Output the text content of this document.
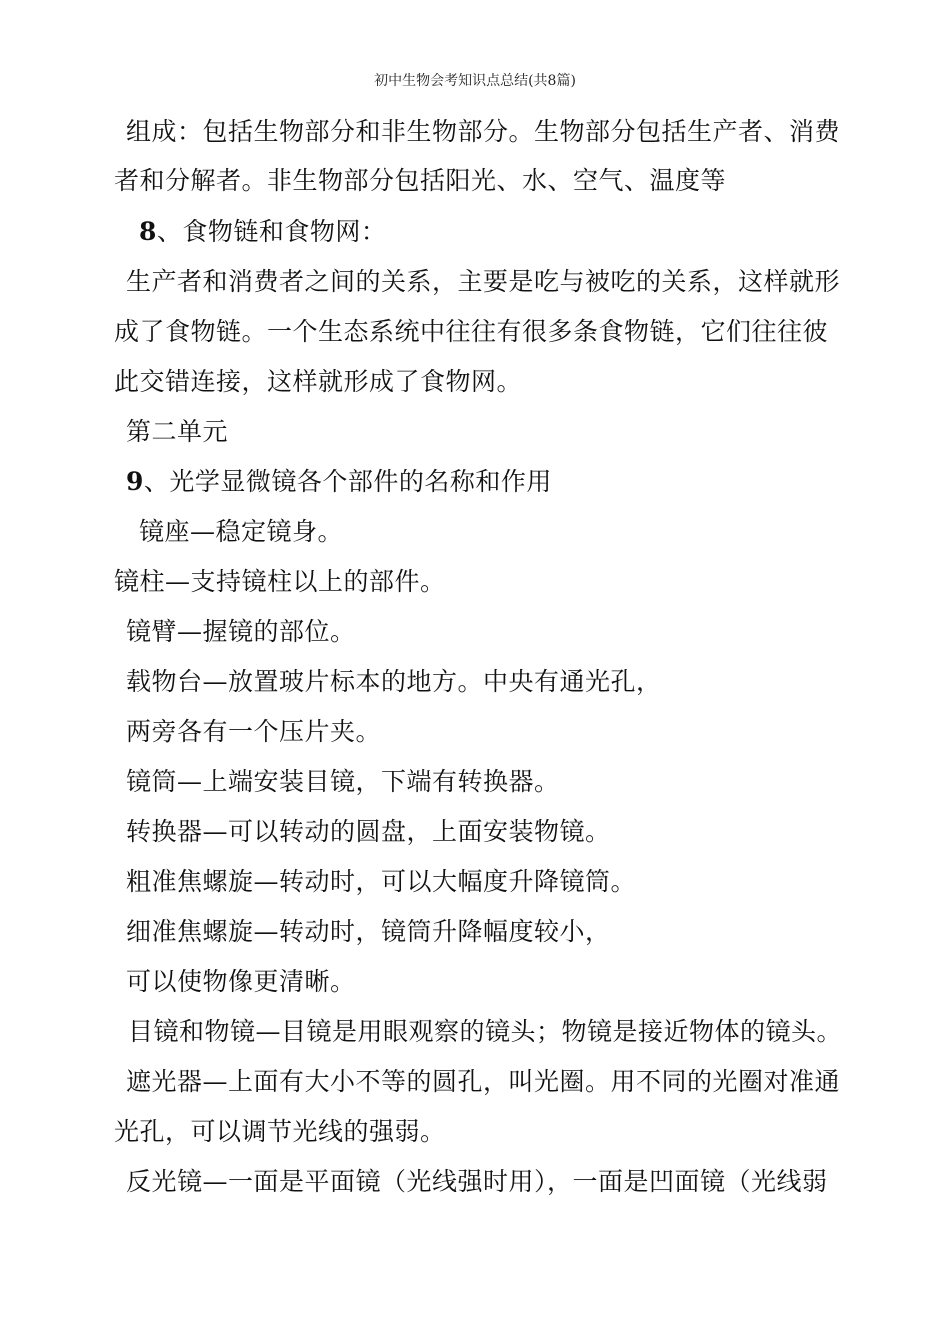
初中生物会考知识点总结(共8篇)
组成：包括生物部分和非生物部分。生物部分包括生产者、消费
者和分解者。非生物部分包括阳光、水、空气、温度等
8、食物链和食物网：
生产者和消费者之间的关系，主要是吃与被吃的关系，这样就形
成了食物链。一个生态系统中往往有很多条食物链，它们往往彼
此交错连接，这样就形成了食物网。
第二单元
9、光学显微镜各个部件的名称和作用
镜座—稳定镜身。
镜柱—支持镜柱以上的部件。
镜臂—握镜的部位。
载物台—放置玻片标本的地方。中央有通光孔，
两旁各有一个压片夹。
镜筒—上端安装目镜，下端有转换器。
转换器—可以转动的圆盘，上面安装物镜。
粗准焦螺旋—转动时，可以大幅度升降镜筒。
细准焦螺旋—转动时，镜筒升降幅度较小，
可以使物像更清晰。
目镜和物镜—目镜是用眼观察的镜头；物镜是接近物体的镜头。
遮光器—上面有大小不等的圆孔，叫光圈。用不同的光圈对准通
光孔，可以调节光线的强弱。
反光镜—一面是平面镜（光线强时用），一面是凹面镜（光线弱
